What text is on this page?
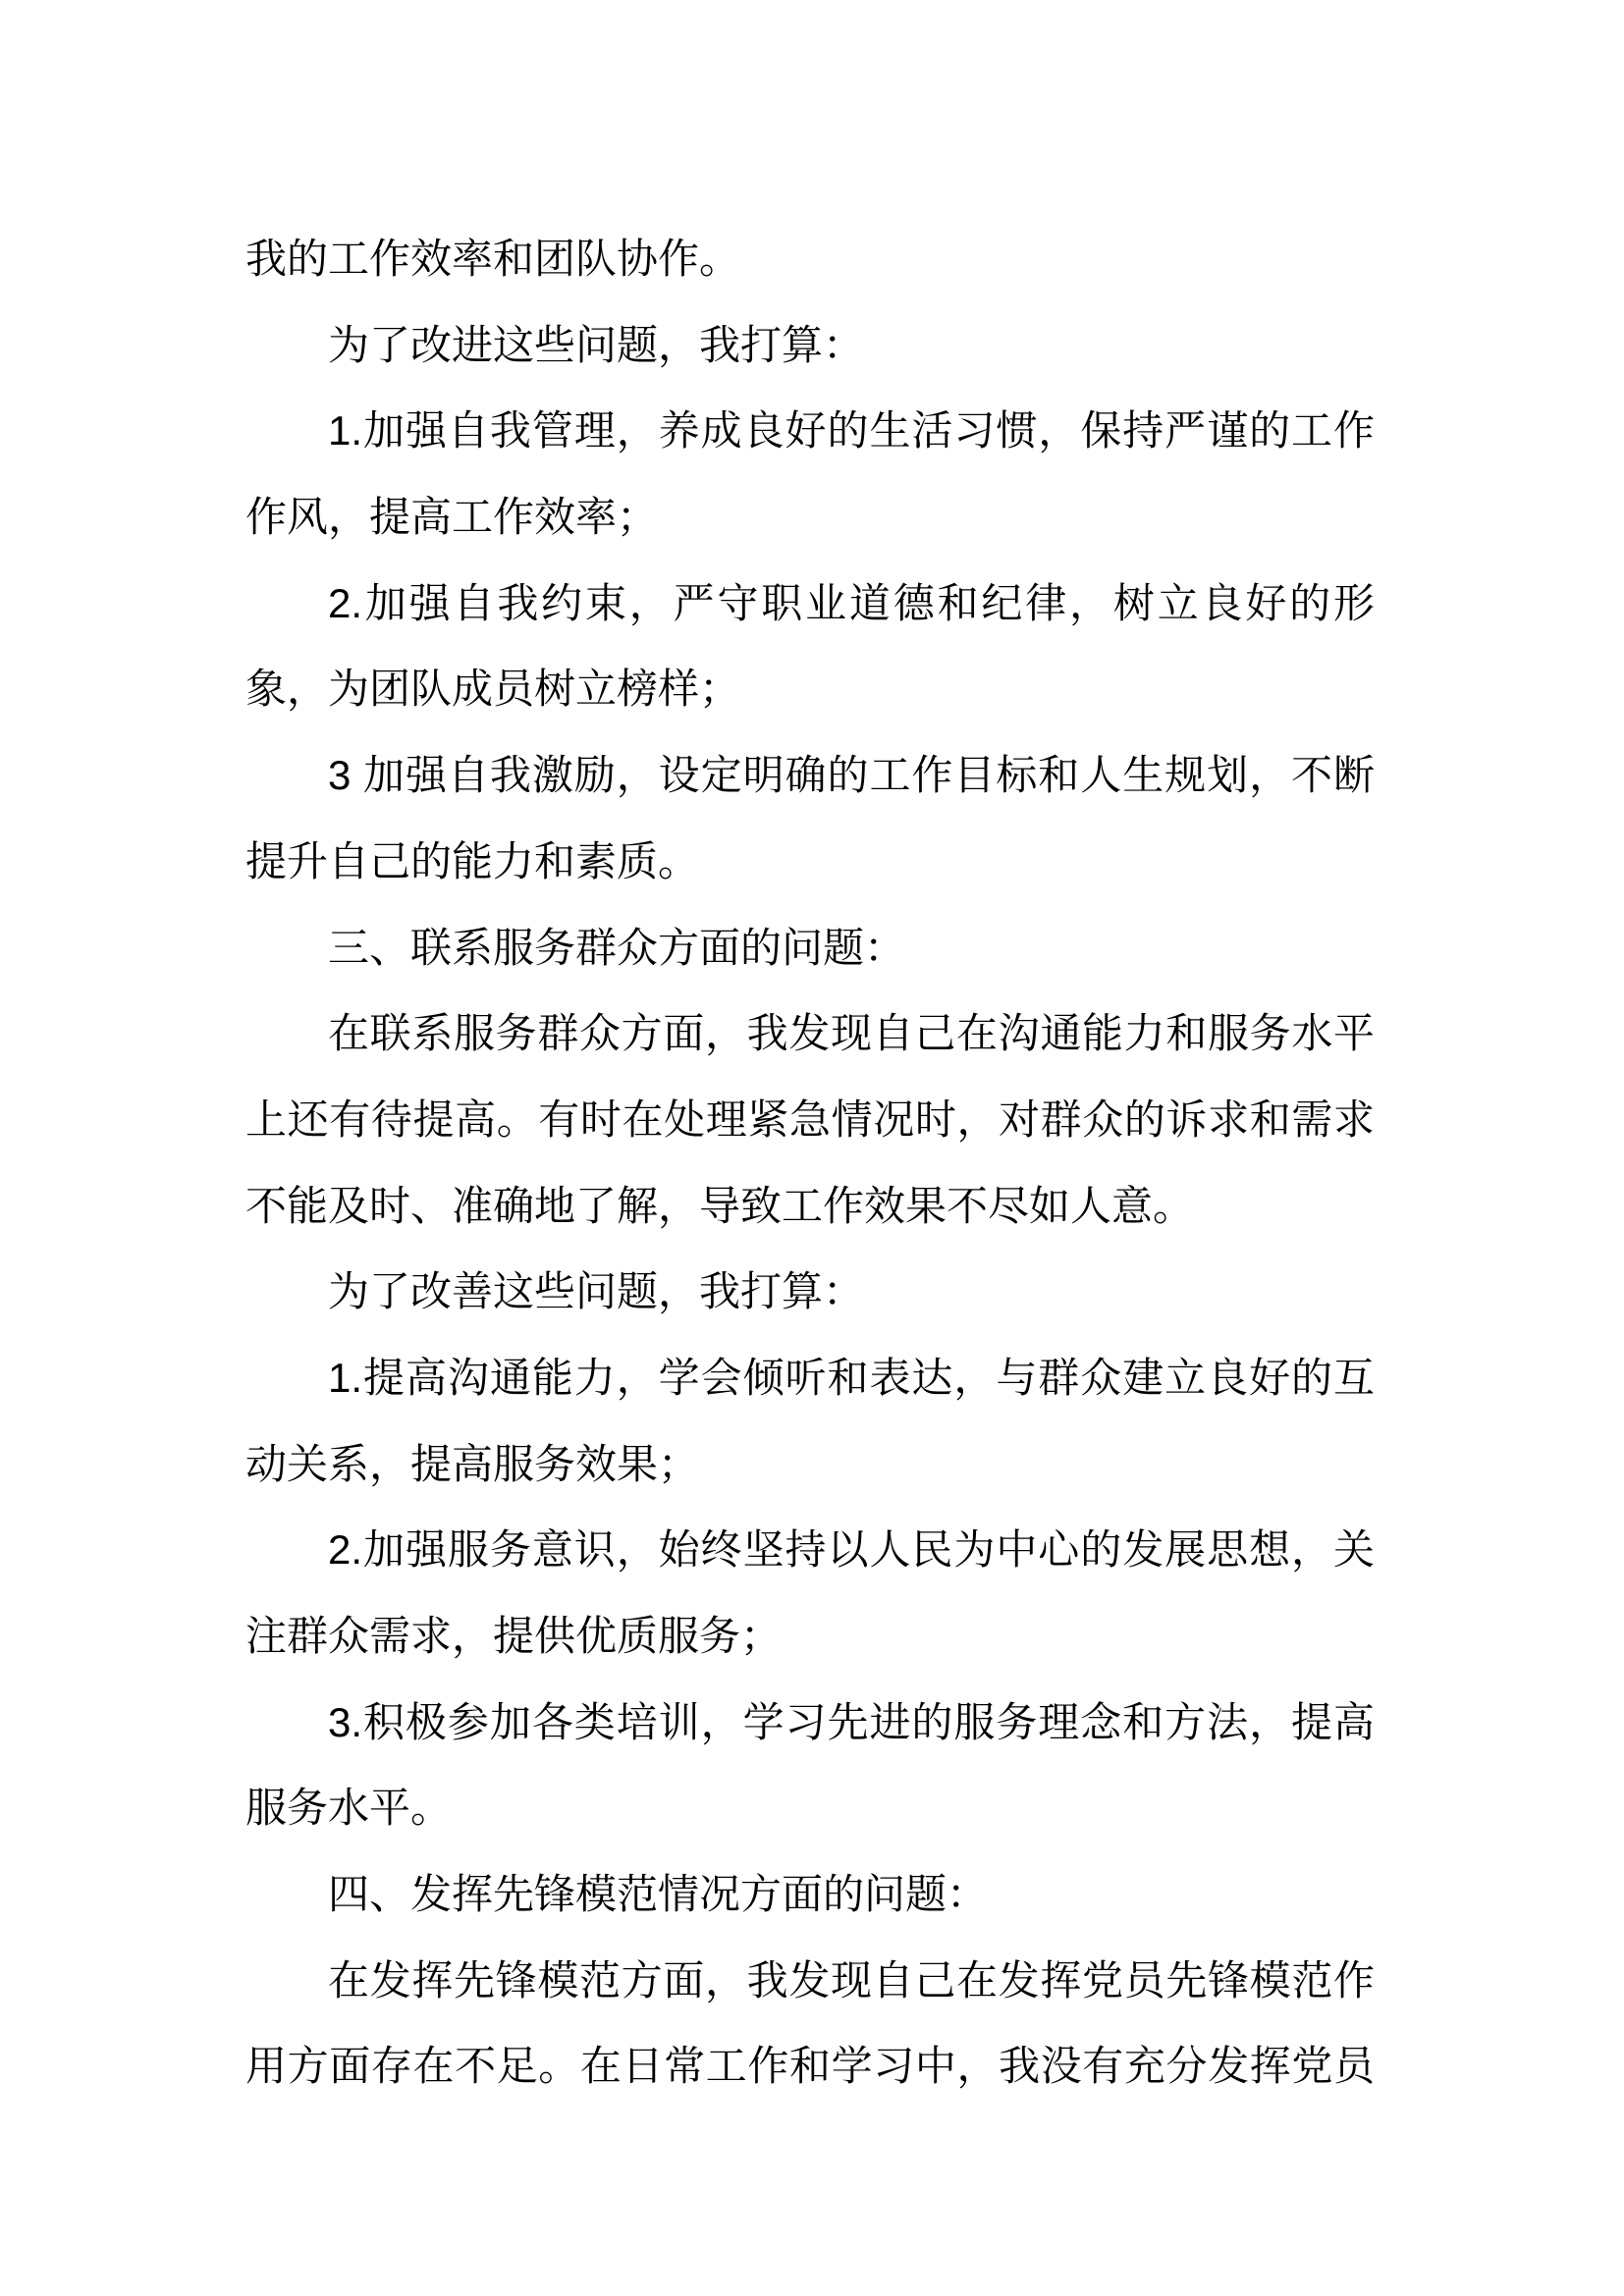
我的工作效率和团队协作。
为了改进这些问题，我打算：
1.加强自我管理，养成良好的生活习惯，保持严谨的工作
作风，提高工作效率；
2.加强自我约束，严守职业道德和纪律，树立良好的形
象，为团队成员树立榜样；
3 加强自我激励，设定明确的工作目标和人生规划，不断
提升自己的能力和素质。
三、联系服务群众方面的问题：
在联系服务群众方面，我发现自己在沟通能力和服务水平
上还有待提高。有时在处理紧急情况时，对群众的诉求和需求
不能及时、准确地了解，导致工作效果不尽如人意。
为了改善这些问题，我打算：
1.提高沟通能力，学会倾听和表达，与群众建立良好的互
动关系，提高服务效果；
2.加强服务意识，始终坚持以人民为中心的发展思想，关
注群众需求，提供优质服务；
3.积极参加各类培训，学习先进的服务理念和方法，提高
服务水平。
四、发挥先锋模范情况方面的问题：
在发挥先锋模范方面，我发现自己在发挥党员先锋模范作
用方面存在不足。在日常工作和学习中，我没有充分发挥党员
